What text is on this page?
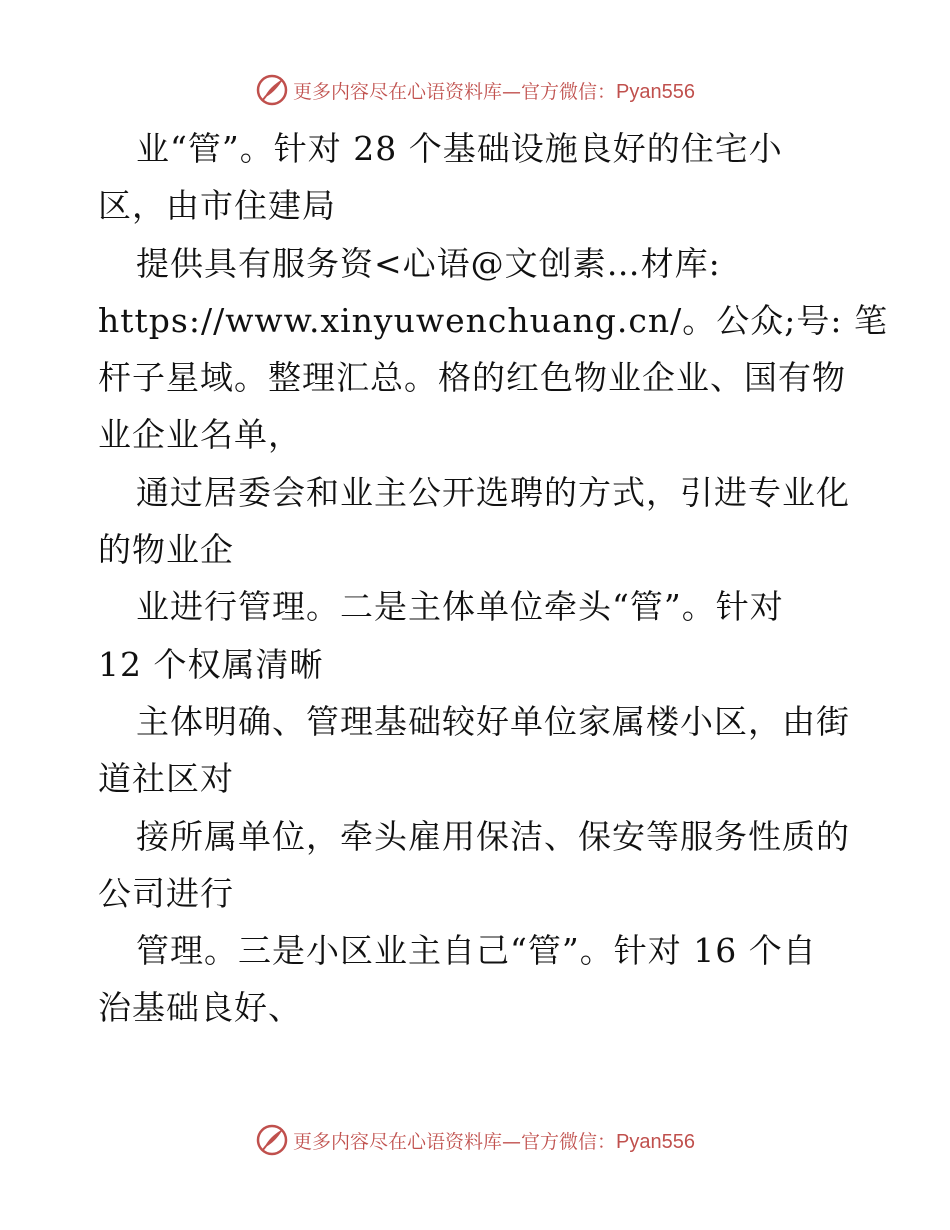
更多内容尽在心语资料库—官方微信：Pyan556
业“管”。针对 28 个基础设施良好的住宅小
区，由市住建局
提供具有服务资<心语@文创素…材库:
https://www.xinyuwenchuang.cn/。公众;号: 笔
杆子星域。整理汇总。格的红色物业企业、国有物
业企业名单，
通过居委会和业主公开选聘的方式，引进专业化
的物业企
业进行管理。二是主体单位牵头“管”。针对
12 个权属清晰
主体明确、管理基础较好单位家属楼小区，由街
道社区对
接所属单位，牵头雇用保洁、保安等服务性质的
公司进行
管理。三是小区业主自己“管”。针对 16 个自
治基础良好、
更多内容尽在心语资料库—官方微信：Pyan556
